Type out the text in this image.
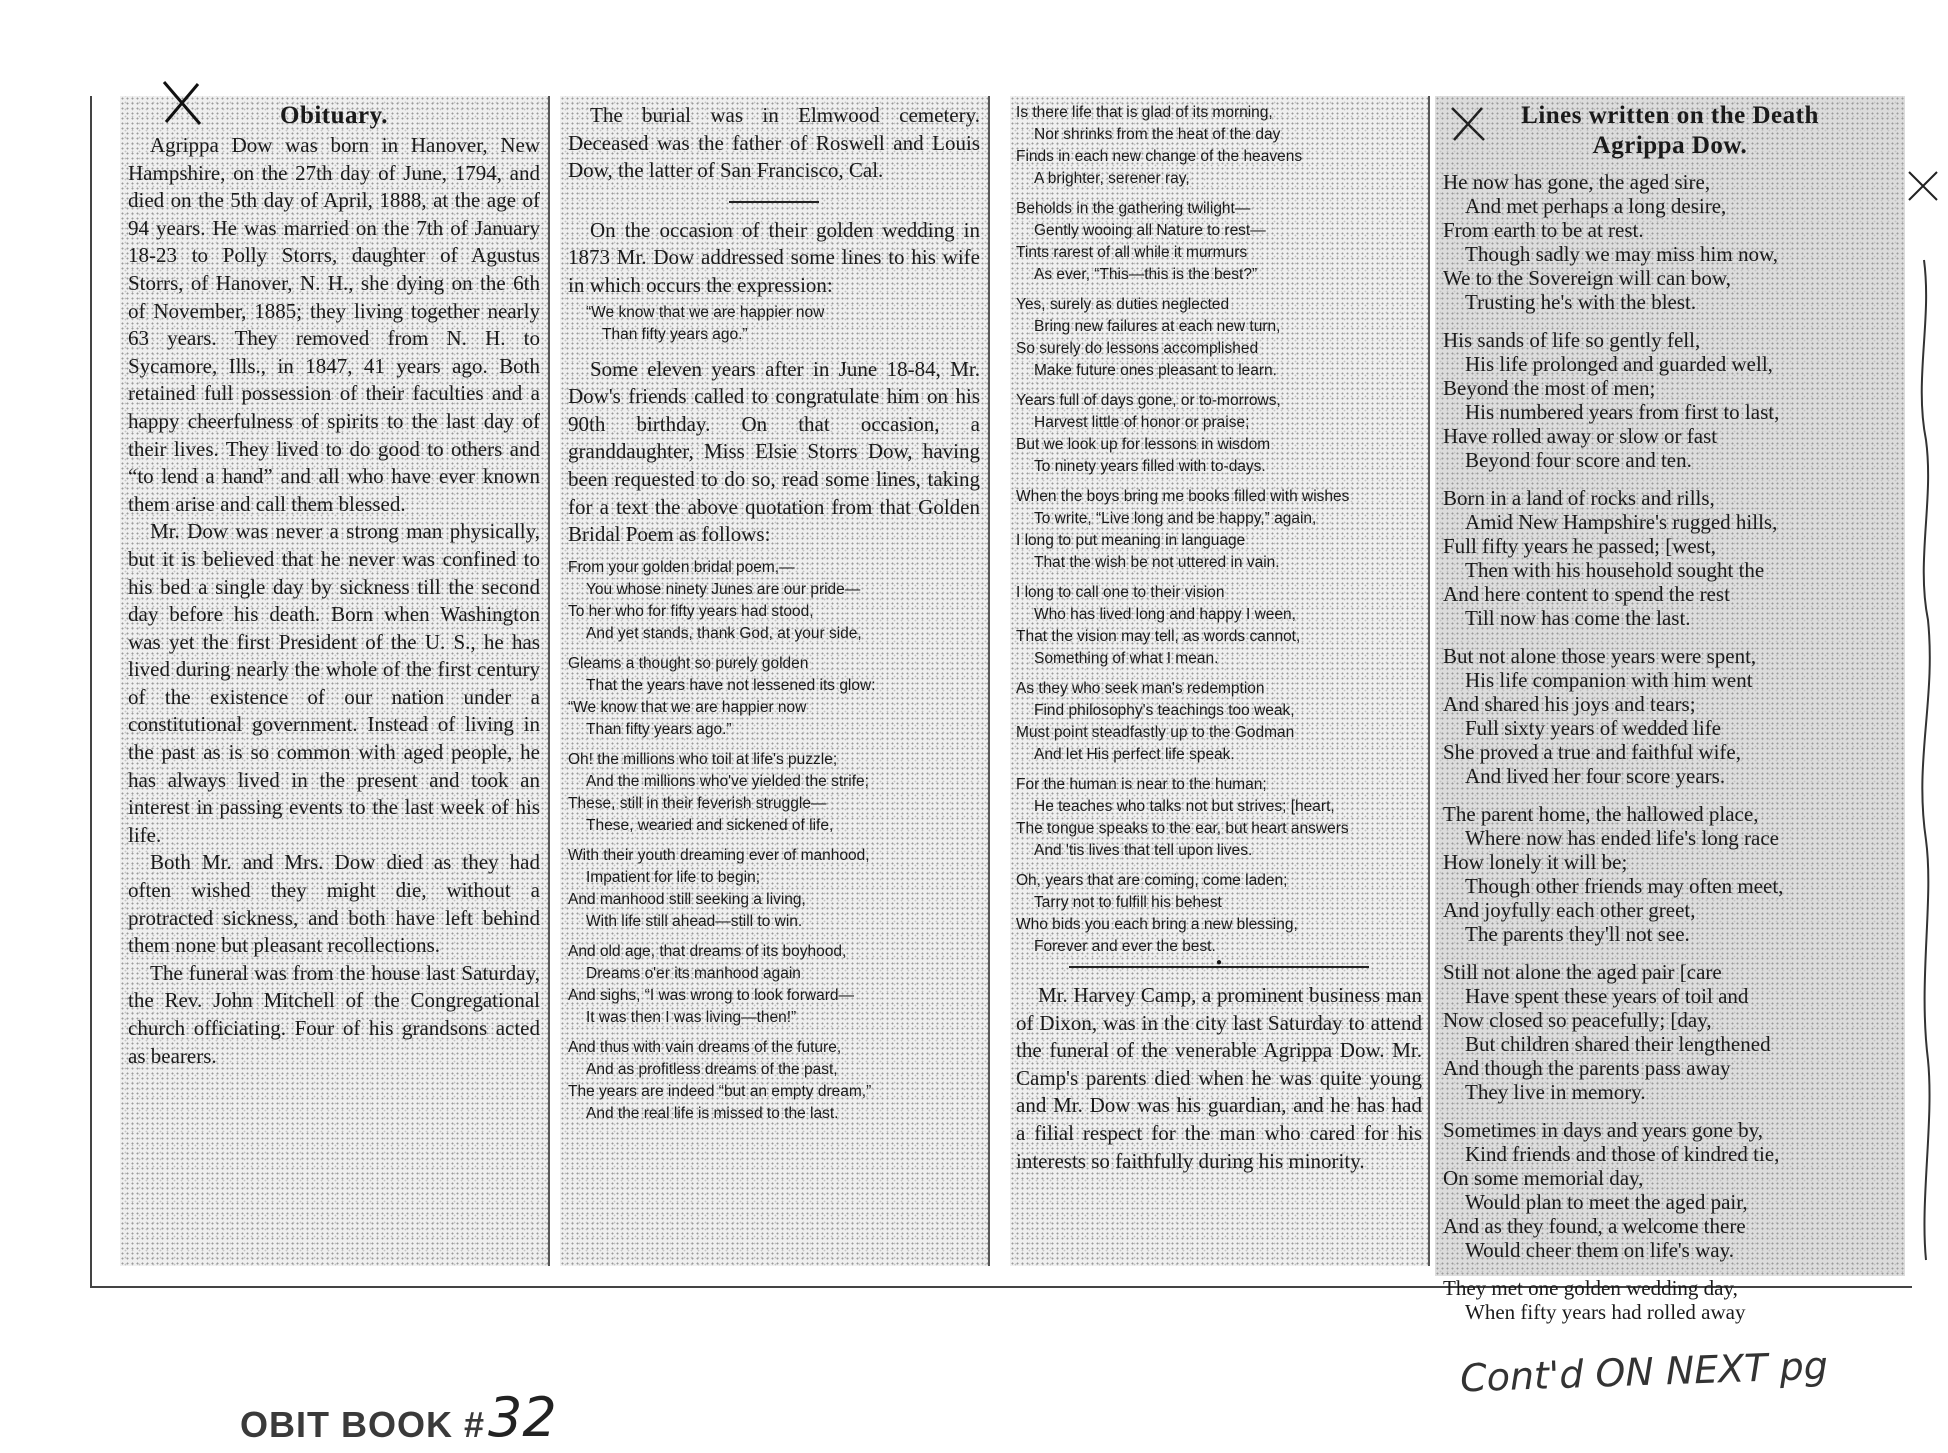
Obituary.

Agrippa Dow was born in Hanover, New Hampshire, on the 27th day of June, 1794, and died on the 5th day of April, 1888, at the age of 94 years. He was married on the 7th of January 18-23 to Polly Storrs, daughter of Agustus Storrs, of Hanover, N. H., she dying on the 6th of November, 1885; they living together nearly 63 years. They removed from N. H. to Sycamore, Ills., in 1847, 41 years ago. Both retained full possession of their faculties and a happy cheerfulness of spirits to the last day of their lives. They lived to do good to others and “to lend a hand” and all who have ever known them arise and call them blessed.

Mr. Dow was never a strong man physically, but it is believed that he never was confined to his bed a single day by sickness till the second day before his death. Born when Washington was yet the first President of the U. S., he has lived during nearly the whole of the first century of the existence of our nation under a constitutional government. Instead of living in the past as is so common with aged people, he has always lived in the present and took an interest in passing events to the last week of his life.

Both Mr. and Mrs. Dow died as they had often wished they might die, without a protracted sickness, and both have left behind them none but pleasant recollections.

The funeral was from the house last Saturday, the Rev. John Mitchell of the Congregational church officiating. Four of his grandsons acted as bearers.

The burial was in Elmwood cemetery. Deceased was the father of Roswell and Louis Dow, the latter of San Francisco, Cal.

On the occasion of their golden wedding in 1873 Mr. Dow addressed some lines to his wife in which occurs the expression:

“We know that we are happier now
Than fifty years ago.”

Some eleven years after in June 18-84, Mr. Dow's friends called to congratulate him on his 90th birthday. On that occasion, a granddaughter, Miss Elsie Storrs Dow, having been requested to do so, read some lines, taking for a text the above quotation from that Golden Bridal Poem as follows:

From your golden bridal poem,—
You whose ninety Junes are our pride—
To her who for fifty years had stood,
And yet stands, thank God, at your side,
Gleams a thought so purely golden
That the years have not lessened its glow:
“We know that we are happier now
Than fifty years ago.”
Oh! the millions who toil at life's puzzle;
And the millions who've yielded the strife;
These, still in their feverish struggle—
These, wearied and sickened of life,
With their youth dreaming ever of manhood,
Impatient for life to begin;
And manhood still seeking a living,
With life still ahead—still to win.
And old age, that dreams of its boyhood,
Dreams o'er its manhood again
And sighs, “I was wrong to look forward—
It was then I was living—then!”
And thus with vain dreams of the future,
And as profitless dreams of the past,
The years are indeed “but an empty dream,”
And the real life is missed to the last.
Is there life that is glad of its morning,
Nor shrinks from the heat of the day
Finds in each new change of the heavens
A brighter, serener ray,
Beholds in the gathering twilight—
Gently wooing all Nature to rest—
Tints rarest of all while it murmurs
As ever, “This—this is the best?”
Yes, surely as duties neglected
Bring new failures at each new turn,
So surely do lessons accomplished
Make future ones pleasant to learn.
Years full of days gone, or to-morrows,
Harvest little of honor or praise;
But we look up for lessons in wisdom
To ninety years filled with to-days.
When the boys bring me books filled with wishes
To write, “Live long and be happy,” again,
I long to put meaning in language
That the wish be not uttered in vain.
I long to call one to their vision
Who has lived long and happy I ween,
That the vision may tell, as words cannot,
Something of what I mean.
As they who seek man's redemption
Find philosophy's teachings too weak,
Must point steadfastly up to the Godman
And let His perfect life speak.
For the human is near to the human;
He teaches who talks not but strives; [heart,
The tongue speaks to the ear, but heart answers
And 'tis lives that tell upon lives.
Oh, years that are coming, come laden;
Tarry not to fulfill his behest
Who bids you each bring a new blessing,
Forever and ever the best.
●

Mr. Harvey Camp, a prominent business man of Dixon, was in the city last Saturday to attend the funeral of the venerable Agrippa Dow. Mr. Camp's parents died when he was quite young and Mr. Dow was his guardian, and he has had a filial respect for the man who cared for his interests so faithfully during his minority.

Lines written on the Death
Agrippa Dow.
He now has gone, the aged sire,
And met perhaps a long desire,
From earth to be at rest.
Though sadly we may miss him now,
We to the Sovereign will can bow,
Trusting he's with the blest.
His sands of life so gently fell,
His life prolonged and guarded well,
Beyond the most of men;
His numbered years from first to last,
Have rolled away or slow or fast
Beyond four score and ten.
Born in a land of rocks and rills,
Amid New Hampshire's rugged hills,
Full fifty years he passed; [west,
Then with his household sought the
And here content to spend the rest
Till now has come the last.
But not alone those years were spent,
His life companion with him went
And shared his joys and tears;
Full sixty years of wedded life
She proved a true and faithful wife,
And lived her four score years.
The parent home, the hallowed place,
Where now has ended life's long race
How lonely it will be;
Though other friends may often meet,
And joyfully each other greet,
The parents they'll not see.
Still not alone the aged pair [care
Have spent these years of toil and
Now closed so peacefully; [day,
But children shared their lengthened
And though the parents pass away
They live in memory.
Sometimes in days and years gone by,
Kind friends and those of kindred tie,
On some memorial day,
Would plan to meet the aged pair,
And as they found, a welcome there
Would cheer them on life's way.
They met one golden wedding day,
When fifty years had rolled away
OBIT BOOK # 32
Cont'd ON NEXT pg
